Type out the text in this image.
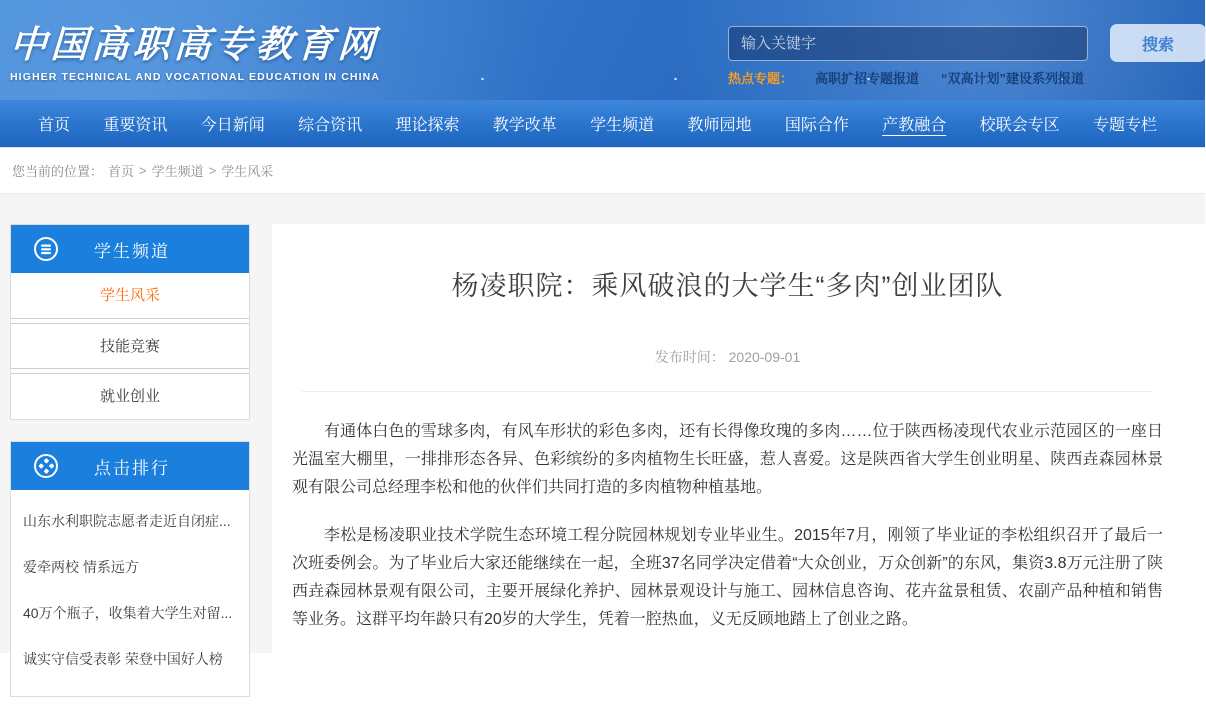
中国高职高专教育网
HIGHER TECHNICAL AND VOCATIONAL EDUCATION IN CHINA
输入关键字
搜索
热点专题： 高职扩招专题报道 “双高计划”建设系列报道
首页 重要资讯 今日新闻 综合资讯 理论探索 教学改革 学生频道 教师园地 国际合作 产教融合 校联会专区 专题专栏
您当前的位置： 首页 > 学生频道 > 学生风采
学生频道
学生风采
技能竞赛
就业创业
点击排行
山东水利职院志愿者走近自闭症...
爱牵两校 情系远方
40万个瓶子，收集着大学生对留...
诚实守信受表彰 荣登中国好人榜
杨凌职院：乘风破浪的大学生“多肉”创业团队
发布时间： 2020-09-01

有通体白色的雪球多肉，有风车形状的彩色多肉，还有长得像玫瑰的多肉……位于陕西杨凌现代农业示范园区的一座日光温室大棚里，一排排形态各异、色彩缤纷的多肉植物生长旺盛，惹人喜爱。这是陕西省大学生创业明星、陕西垚森园林景观有限公司总经理李松和他的伙伴们共同打造的多肉植物种植基地。

李松是杨凌职业技术学院生态环境工程分院园林规划专业毕业生。2015年7月，刚领了毕业证的李松组织召开了最后一次班委例会。为了毕业后大家还能继续在一起，全班37名同学决定借着“大众创业，万众创新”的东风，集资3.8万元注册了陕西垚森园林景观有限公司，主要开展绿化养护、园林景观设计与施工、园林信息咨询、花卉盆景租赁、农副产品种植和销售等业务。这群平均年龄只有20岁的大学生，凭着一腔热血，义无反顾地踏上了创业之路。
